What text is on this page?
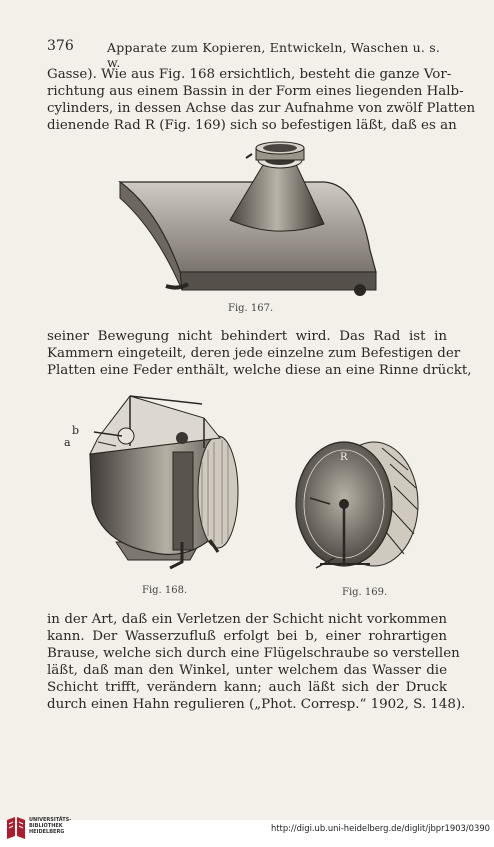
376	Apparate zum Kopieren, Entwickeln, Waschen u. s. w.
Gasse). Wie aus Fig. 168 ersichtlich, besteht die ganze Vor-
richtung aus einem Bassin in der Form eines liegenden Halb-
cylinders, in dessen Achse das zur Aufnahme von zwölf Platten
dienende Rad R (Fig. 169) sich so befestigen läßt, daß es an
Fig. 167.
seiner Bewegung nicht behindert wird. Das Rad ist in
Kammern eingeteilt, deren jede einzelne zum Befestigen der
Platten eine Feder enthält, welche diese an eine Rinne drückt,
b
a
Fig. 168.
R
Fig. 169.
in der Art, daß ein Verletzen der Schicht nicht vorkommen
kann. Der Wasserzufluß erfolgt bei b, einer rohrartigen
Brause, welche sich durch eine Flügelschraube so verstellen
läßt, daß man den Winkel, unter welchem das Wasser die
Schicht trifft, verändern kann; auch läßt sich der Druck
durch einen Hahn regulieren („Phot. Corresp.“ 1902, S. 148).
UNIVERSITÄTS-
BIBLIOTHEK
HEIDELBERG	http://digi.ub.uni-heidelberg.de/diglit/jbpr1903/0390
